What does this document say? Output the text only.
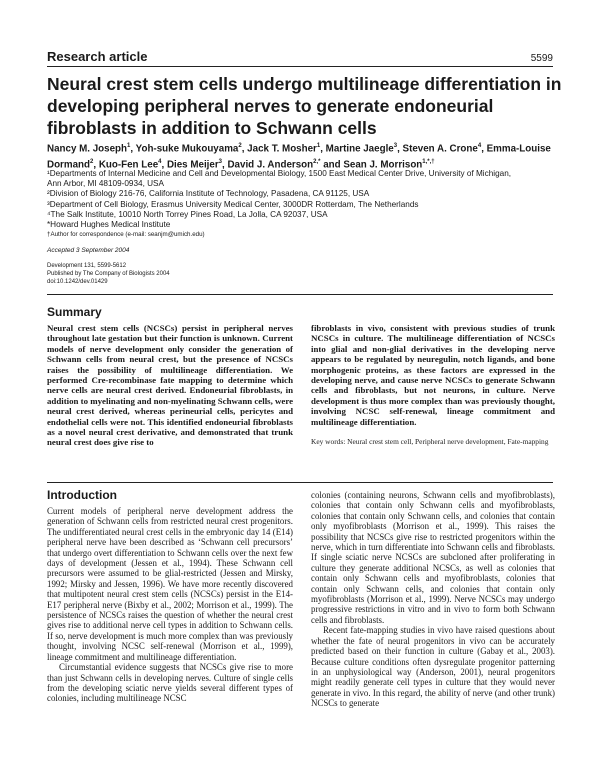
Research article	5599
Neural crest stem cells undergo multilineage differentiation in developing peripheral nerves to generate endoneurial fibroblasts in addition to Schwann cells
Nancy M. Joseph$^1$, Yoh-suke Mukouyama$^2$, Jack T. Mosher$^1$, Martine Jaegle$^3$, Steven A. Crone$^4$, Emma-Louise Dormand$^2$, Kuo-Fen Lee$^4$, Dies Meijer$^3$, David J. Anderson$^{2,*}$ and Sean J. Morrison$^{1,*,\dagger}$
¹Departments of Internal Medicine and Cell and Developmental Biology, 1500 East Medical Center Drive, University of Michigan,
Ann Arbor, MI 48109-0934, USA
²Division of Biology 216-76, California Institute of Technology, Pasadena, CA 91125, USA
³Department of Cell Biology, Erasmus University Medical Center, 3000DR Rotterdam, The Netherlands
⁴The Salk Institute, 10010 North Torrey Pines Road, La Jolla, CA 92037, USA
*Howard Hughes Medical Institute
†Author for correspondence (e-mail: seanjm@umich.edu)
Accepted 3 September 2004
Development 131, 5599-5612
Published by The Company of Biologists 2004
doi:10.1242/dev.01429
Summary

Neural crest stem cells (NCSCs) persist in peripheral nerves throughout late gestation but their function is unknown. Current models of nerve development only consider the generation of Schwann cells from neural crest, but the presence of NCSCs raises the possibility of multilineage differentiation. We performed Cre-recombinase fate mapping to determine which nerve cells are neural crest derived. Endoneurial fibroblasts, in addition to myelinating and non-myelinating Schwann cells, were neural crest derived, whereas perineurial cells, pericytes and endothelial cells were not. This identified endoneurial fibroblasts as a novel neural crest derivative, and demonstrated that trunk neural crest does give rise to

fibroblasts in vivo, consistent with previous studies of trunk NCSCs in culture. The multilineage differentiation of NCSCs into glial and non-glial derivatives in the developing nerve appears to be regulated by neuregulin, notch ligands, and bone morphogenic proteins, as these factors are expressed in the developing nerve, and cause nerve NCSCs to generate Schwann cells and fibroblasts, but not neurons, in culture. Nerve development is thus more complex than was previously thought, involving NCSC self-renewal, lineage commitment and multilineage differentiation.

Key words: Neural crest stem cell, Peripheral nerve development, Fate-mapping

Introduction

Current models of peripheral nerve development address the generation of Schwann cells from restricted neural crest progenitors. The undifferentiated neural crest cells in the embryonic day 14 (E14) peripheral nerve have been described as ‘Schwann cell precursors’ that undergo overt differentiation to Schwann cells over the next few days of development (Jessen et al., 1994). These Schwann cell precursors were assumed to be glial-restricted (Jessen and Mirsky, 1992; Mirsky and Jessen, 1996). We have more recently discovered that multipotent neural crest stem cells (NCSCs) persist in the E14-E17 peripheral nerve (Bixby et al., 2002; Morrison et al., 1999). The persistence of NCSCs raises the question of whether the neural crest gives rise to additional nerve cell types in addition to Schwann cells. If so, nerve development is much more complex than was previously thought, involving NCSC self-renewal (Morrison et al., 1999), lineage commitment and multilineage differentiation.

Circumstantial evidence suggests that NCSCs give rise to more than just Schwann cells in developing nerves. Culture of single cells from the developing sciatic nerve yields several different types of colonies, including multilineage NCSC

colonies (containing neurons, Schwann cells and myofibroblasts), colonies that contain only Schwann cells and myofibroblasts, colonies that contain only Schwann cells, and colonies that contain only myofibroblasts (Morrison et al., 1999). This raises the possibility that NCSCs give rise to restricted progenitors within the nerve, which in turn differentiate into Schwann cells and fibroblasts. If single sciatic nerve NCSCs are subcloned after proliferating in culture they generate additional NCSCs, as well as colonies that contain only Schwann cells and myofibroblasts, colonies that contain only Schwann cells, and colonies that contain only myofibroblasts (Morrison et al., 1999). Nerve NCSCs may undergo progressive restrictions in vitro and in vivo to form both Schwann cells and fibroblasts.

Recent fate-mapping studies in vivo have raised questions about whether the fate of neural progenitors in vivo can be accurately predicted based on their function in culture (Gabay et al., 2003). Because culture conditions often dysregulate progenitor patterning in an unphysiological way (Anderson, 2001), neural progenitors might readily generate cell types in culture that they would never generate in vivo. In this regard, the ability of nerve (and other trunk) NCSCs to generate
